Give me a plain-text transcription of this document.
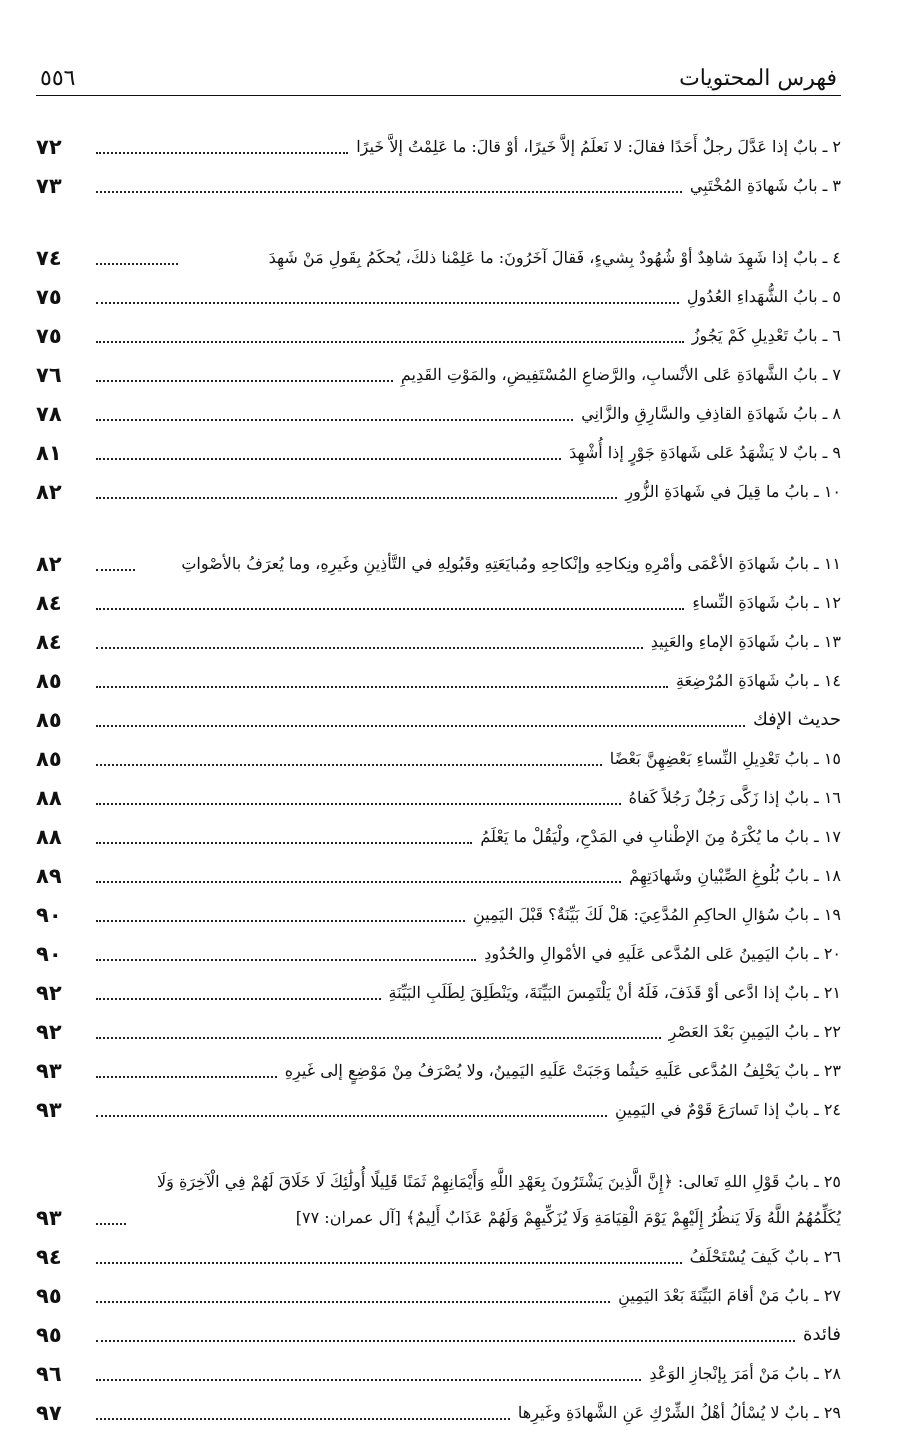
٥٥٦	فهرس المحتويات
٢ ـ بابٌ إذا عَدَّلَ رجلٌ أَحَدًا فقالَ: لا نَعلَمُ إلاَّ خَيرًا، أوْ قالَ: ما عَلِمْتُ إلاَّ خَيرًا
٧٢
٣ ـ بابُ شَهادَةِ المُخْتَبِي
٧٣
٤ ـ بابٌ إذا شَهِدَ شاهِدٌ أوْ شُهُودٌ بِشيءٍ، فَقالَ آخَرُونَ: ما عَلِمْنا ذلكَ، يُحكَمُ بِقَولِ مَنْ شَهِدَ
٧٤
٥ ـ بابُ الشُّهَداءِ العُدُولِ
٧٥
٦ ـ بابُ تَعْدِيلِ كَمْ يَجُوزُ
٧٥
٧ ـ بابُ الشَّهادَةِ عَلى الأنْسابِ، والرَّضاعِ المُسْتَفِيضِ، والمَوْتِ القَدِيمِ
٧٦
٨ ـ بابُ شَهادَةِ القاذِفِ والسَّارِقِ والزَّانِي
٧٨
٩ ـ بابٌ لا يَشْهَدُ عَلى شَهادَةِ جَوْرٍ إذا أُشْهِدَ
٨١
١٠ ـ بابُ ما قِيلَ في شَهادَةِ الزُّورِ
٨٢
١١ ـ بابُ شَهادَةِ الأعْمَى وأمْرِهِ ونِكاحِهِ وإنْكاحِهِ ومُبايَعَتِهِ وقَبُولِهِ في التَّأذِينِ وغَيرِهِ، وما يُعرَفُ بالأصْواتِ
٨٢
١٢ ـ بابُ شَهادَةِ النِّساءِ
٨٤
١٣ ـ بابُ شَهادَةِ الإماءِ والعَبِيدِ
٨٤
١٤ ـ بابُ شَهادَةِ المُرْضِعَةِ
٨٥
حديث الإفك
٨٥
١٥ ـ بابُ تَعْدِيلِ النِّساءِ بَعْضِهِنَّ بَعْضًا
٨٥
١٦ ـ بابٌ إذا زَكَّى رَجُلٌ رَجُلاً كَفاهُ
٨٨
١٧ ـ بابُ ما يُكْرَهُ مِنَ الإطْنابِ في المَدْحِ، ولْيَقُلْ ما يَعْلَمُ
٨٨
١٨ ـ بابُ بُلُوغِ الصِّبْيانِ وشَهادَتِهِمْ
٨٩
١٩ ـ بابُ سُؤالِ الحاكِمِ المُدَّعِيَ: هَلْ لَكَ بَيِّنَةٌ؟ قَبْلَ اليَمِينِ
٩٠
٢٠ ـ بابُ اليَمِينُ عَلى المُدَّعى عَلَيهِ في الأمْوالِ والحُدُودِ
٩٠
٢١ ـ بابٌ إذا ادَّعى أوْ قَذَفَ، فَلَهُ أنْ يَلْتَمِسَ البَيِّنَةَ، ويَنْطَلِقَ لِطَلَبِ البَيِّنَةِ
٩٢
٢٢ ـ بابُ اليَمِينِ بَعْدَ العَصْرِ
٩٢
٢٣ ـ بابٌ يَحْلِفُ المُدَّعى عَلَيهِ حَيثُما وَجَبَتْ عَلَيهِ اليَمِينُ، ولا يُصْرَفُ مِنْ مَوْضِعٍ إلى غَيرِهِ
٩٣
٢٤ ـ بابٌ إذا تَسارَعَ قَوْمٌ في اليَمِينِ
٩٣
٢٥ ـ بابُ قَوْلِ اللهِ تَعالى: ﴿إِنَّ الَّذِينَ يَشْتَرُونَ بِعَهْدِ اللَّهِ وَأَيْمَانِهِمْ ثَمَنًا قَلِيلًا أُولَٰئِكَ لَا خَلَاقَ لَهُمْ فِي الْآخِرَةِ وَلَا يُكَلِّمُهُمُ اللَّهُ وَلَا يَنظُرُ إِلَيْهِمْ يَوْمَ الْقِيَامَةِ وَلَا يُزَكِّيهِمْ وَلَهُمْ عَذَابٌ أَلِيمٌ﴾ [آل عمران: ٧٧]
٩٣
٢٦ ـ بابٌ كَيفَ يُسْتَحْلَفُ
٩٤
٢٧ ـ بابُ مَنْ أقامَ البَيِّنَةَ بَعْدَ اليَمِينِ
٩٥
فائدة
٩٥
٢٨ ـ بابُ مَنْ أمَرَ بِإنْجازِ الوَعْدِ
٩٦
٢٩ ـ بابٌ لا يُسْألُ أهْلُ الشِّرْكِ عَنِ الشَّهادَةِ وغَيرِها
٩٧
